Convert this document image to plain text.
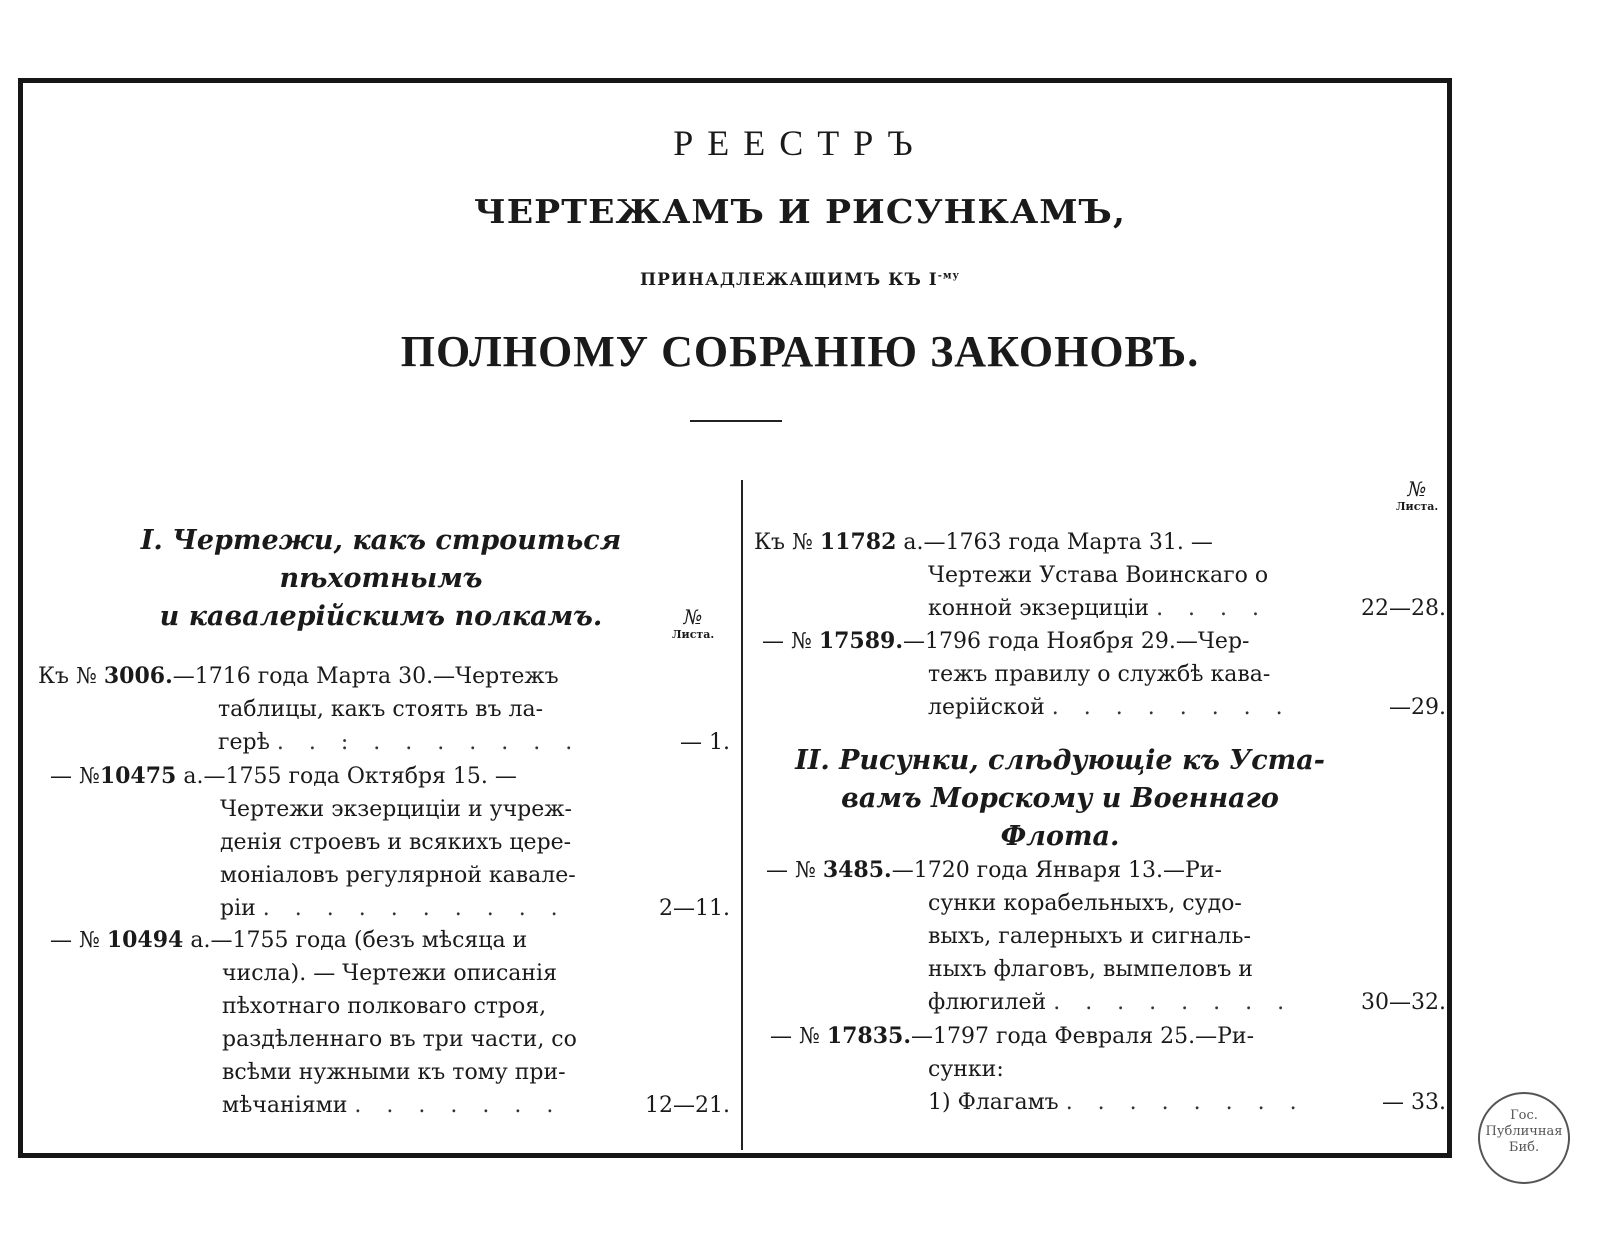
РЕЕСТРЪ
ЧЕРТЕЖАМЪ И РИСУНКАМЪ,
ПРИНАДЛЕЖАЩИМЪ КЪ $I^{-му}$
ПОЛНОМУ СОБРАНІЮ ЗАКОНОВЪ.
I. Чертежи, какъ строиться пѣхотнымъ
и кавалерійскимъ полкамъ.	№
Листа.
Къ № 3006.—1716 года Марта 30.—Чертежъ
таблицы, какъ стоять въ ла-
герѣ . . : . . . . . . .	— 1.
— №10475 а.—1755 года Октября 15. —
Чертежи экзерциціи и учреж-
денія строевъ и всякихъ цере-
моніаловъ регулярной кавале-
ріи . . . . . . . . . .	2—11.
— № 10494 а.—1755 года (безъ мѣсяца и
числа). — Чертежи описанія
пѣхотнаго полковаго строя,
раздѣленнаго въ три части, со
всѣми нужными къ тому при-
мѣчаніями . . . . . . .	12—21.
№
Листа.
Къ № 11782 а.—1763 года Марта 31. —
Чертежи Устава Воинскаго о
конной экзерциціи . . . .	22—28.
— № 17589.—1796 года Ноября 29.—Чер-
тежъ правилу о службѣ кава-
лерійской . . . . . . . .	—29.
II. Рисунки, слѣдующіе къ Уста-
вамъ Морскому и Военнаго
Флота.
— № 3485.—1720 года Января 13.—Ри-
сунки корабельныхъ, судо-
выхъ, галерныхъ и сигналь-
ныхъ флаговъ, вымпеловъ и
флюгилей . . . . . . . .	30—32.
— № 17835.—1797 года Февраля 25.—Ри-
сунки:
1) Флагамъ . . . . . . . .	— 33.
Гос.
Публичная
Биб.
